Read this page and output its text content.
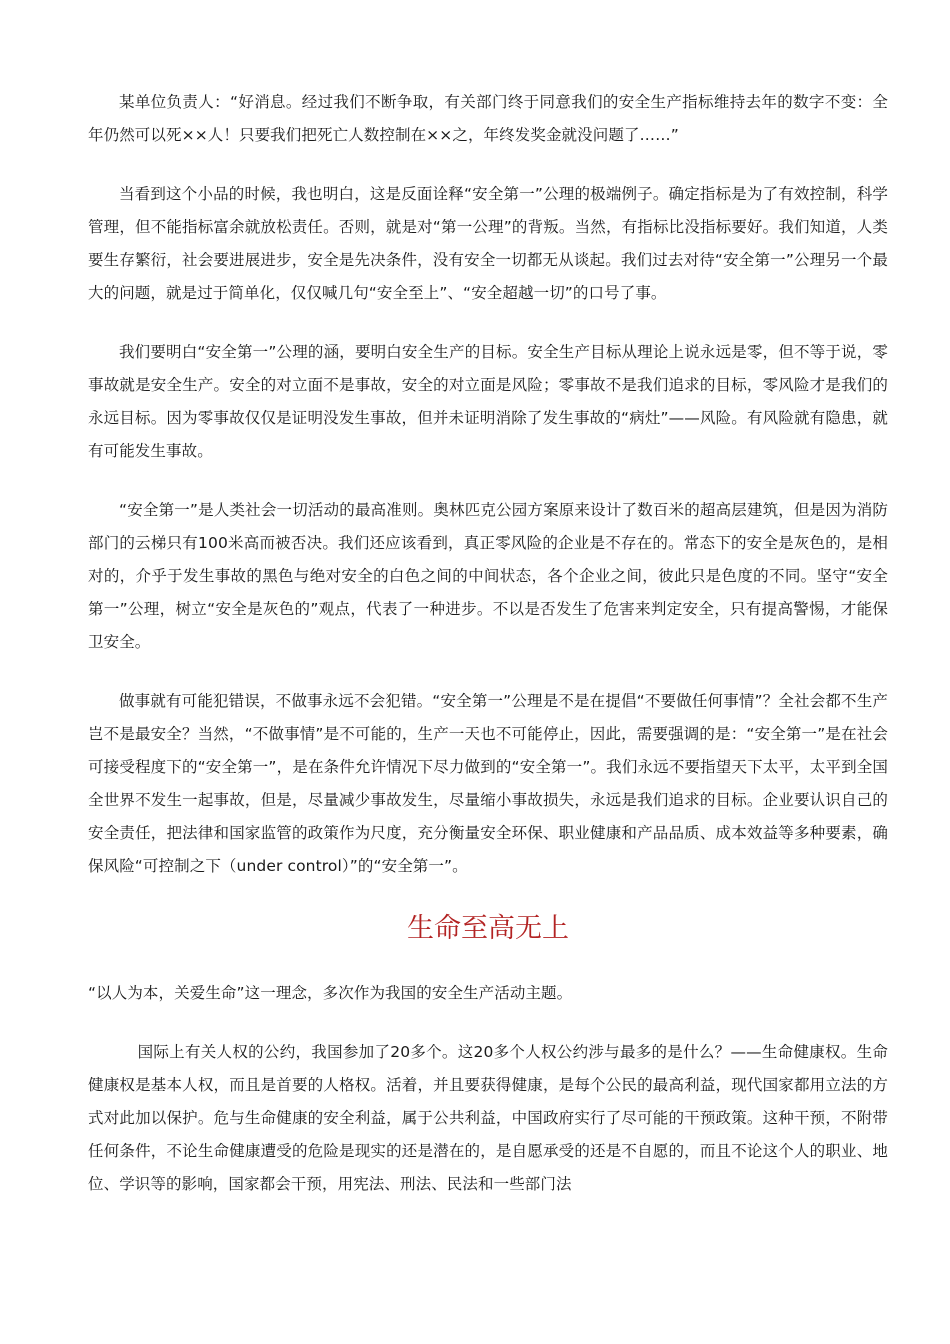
某单位负责人：“好消息。经过我们不断争取，有关部门终于同意我们的安全生产指标维持去年的数字不变：全年仍然可以死××人！只要我们把死亡人数控制在××之，年终发奖金就没问题了……”

当看到这个小品的时候，我也明白，这是反面诠释“安全第一”公理的极端例子。确定指标是为了有效控制，科学管理，但不能指标富余就放松责任。否则，就是对“第一公理”的背叛。当然，有指标比没指标要好。我们知道，人类要生存繁衍，社会要进展进步，安全是先决条件，没有安全一切都无从谈起。我们过去对待“安全第一”公理另一个最大的问题，就是过于简单化，仅仅喊几句“安全至上”、“安全超越一切”的口号了事。

我们要明白“安全第一”公理的涵，要明白安全生产的目标。安全生产目标从理论上说永远是零，但不等于说，零事故就是安全生产。安全的对立面不是事故，安全的对立面是风险；零事故不是我们追求的目标，零风险才是我们的永远目标。因为零事故仅仅是证明没发生事故，但并未证明消除了发生事故的“病灶”——风险。有风险就有隐患，就有可能发生事故。

“安全第一”是人类社会一切活动的最高准则。奥林匹克公园方案原来设计了数百米的超高层建筑，但是因为消防部门的云梯只有100米高而被否决。我们还应该看到，真正零风险的企业是不存在的。常态下的安全是灰色的，是相对的，介乎于发生事故的黑色与绝对安全的白色之间的中间状态，各个企业之间，彼此只是色度的不同。坚守“安全第一”公理，树立“安全是灰色的”观点，代表了一种进步。不以是否发生了危害来判定安全，只有提高警惕，才能保卫安全。

做事就有可能犯错误，不做事永远不会犯错。“安全第一”公理是不是在提倡“不要做任何事情”？全社会都不生产岂不是最安全？当然，“不做事情”是不可能的，生产一天也不可能停止，因此，需要强调的是：“安全第一”是在社会可接受程度下的“安全第一”，是在条件允许情况下尽力做到的“安全第一”。我们永远不要指望天下太平，太平到全国全世界不发生一起事故，但是，尽量减少事故发生，尽量缩小事故损失，永远是我们追求的目标。企业要认识自己的安全责任，把法律和国家监管的政策作为尺度，充分衡量安全环保、职业健康和产品品质、成本效益等多种要素，确保风险“可控制之下（under control）”的“安全第一”。

生命至高无上

“以人为本，关爱生命”这一理念，多次作为我国的安全生产活动主题。

国际上有关人权的公约，我国参加了20多个。这20多个人权公约涉与最多的是什么？——生命健康权。生命健康权是基本人权，而且是首要的人格权。活着，并且要获得健康，是每个公民的最高利益，现代国家都用立法的方式对此加以保护。危与生命健康的安全利益，属于公共利益，中国政府实行了尽可能的干预政策。这种干预，不附带任何条件，不论生命健康遭受的危险是现实的还是潜在的，是自愿承受的还是不自愿的，而且不论这个人的职业、地位、学识等的影响，国家都会干预，用宪法、刑法、民法和一些部门法
